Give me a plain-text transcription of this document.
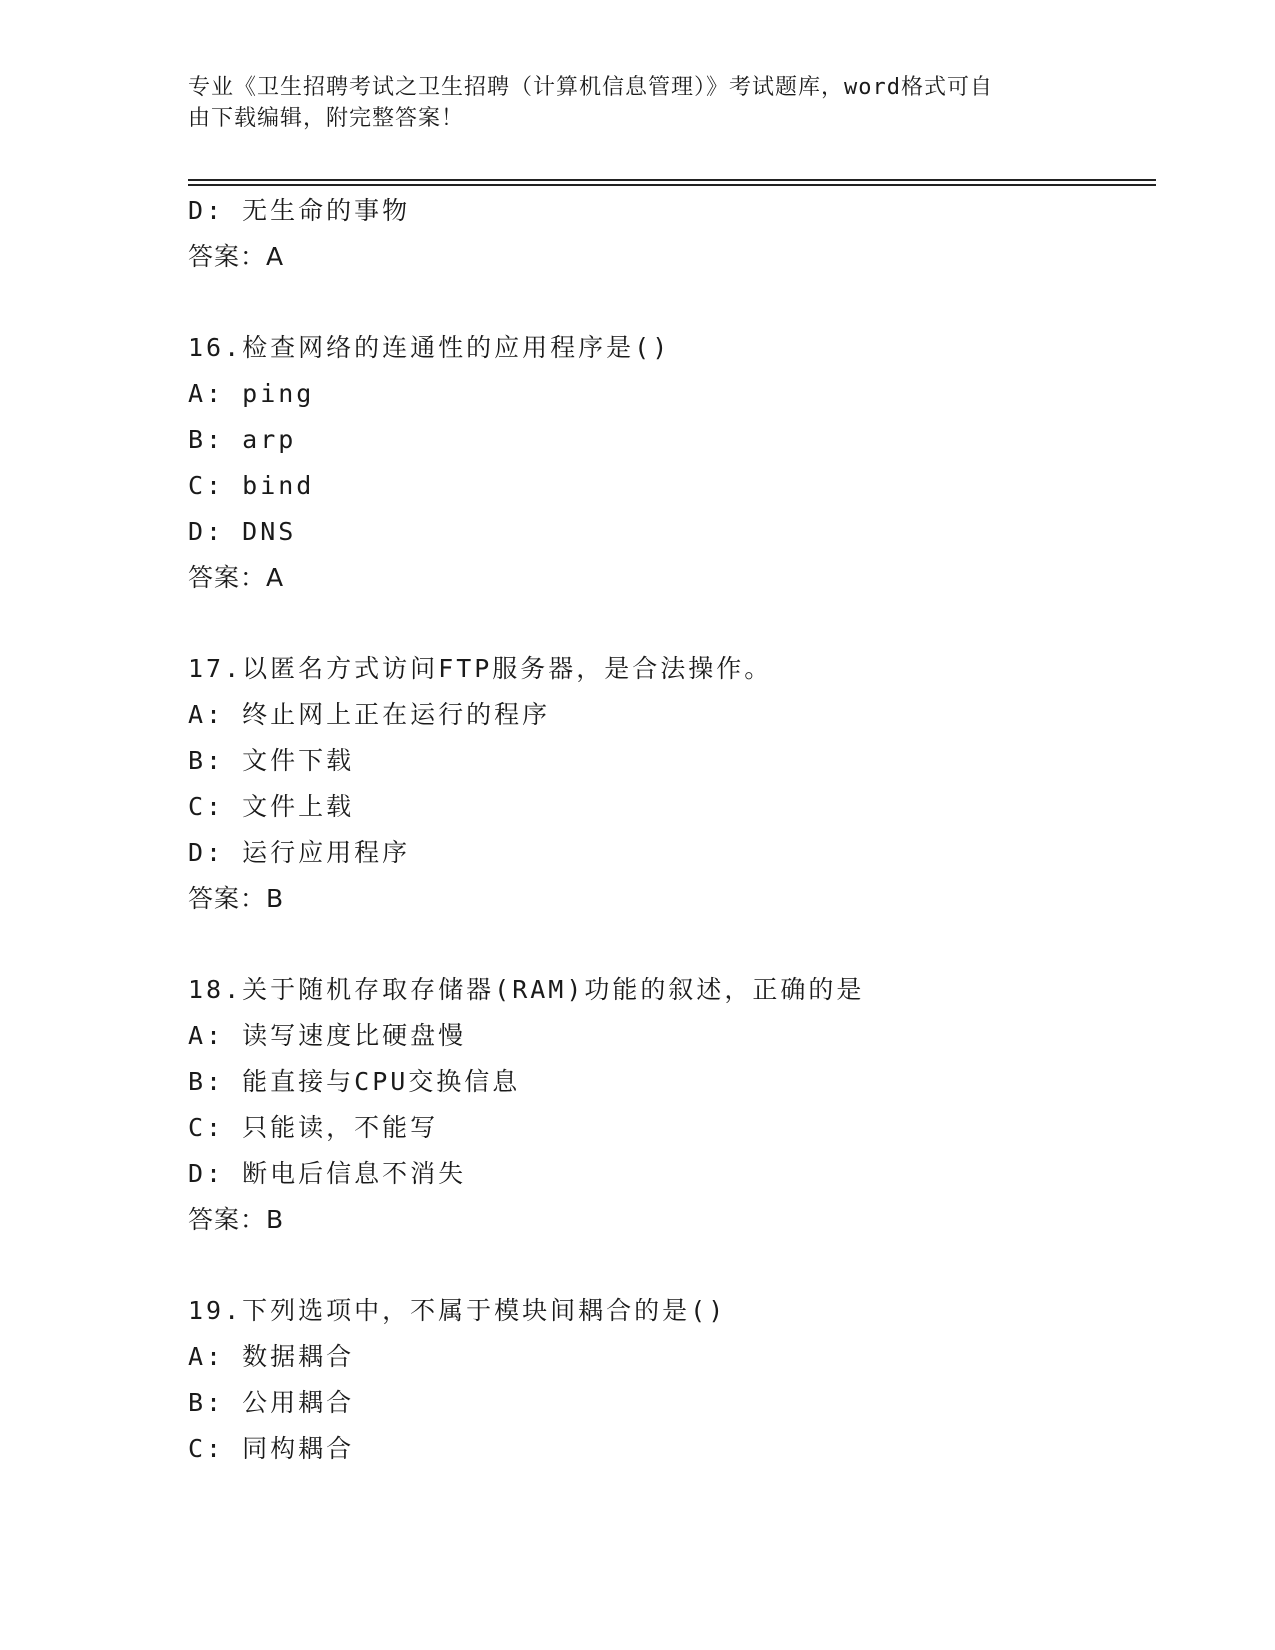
专业《卫生招聘考试之卫生招聘（计算机信息管理）》考试题库，word格式可自

由下载编辑，附完整答案！

D: 无生命的事物
答案：A
16.检查网络的连通性的应用程序是()
A: ping
B: arp
C: bind
D: DNS
答案：A
17.以匿名方式访问FTP服务器，是合法操作。
A: 终止网上正在运行的程序
B: 文件下载
C: 文件上载
D: 运行应用程序
答案：B
18.关于随机存取存储器(RAM)功能的叙述，正确的是
A: 读写速度比硬盘慢
B: 能直接与CPU交换信息
C: 只能读，不能写
D: 断电后信息不消失
答案：B
19.下列选项中，不属于模块间耦合的是()
A: 数据耦合
B: 公用耦合
C: 同构耦合
